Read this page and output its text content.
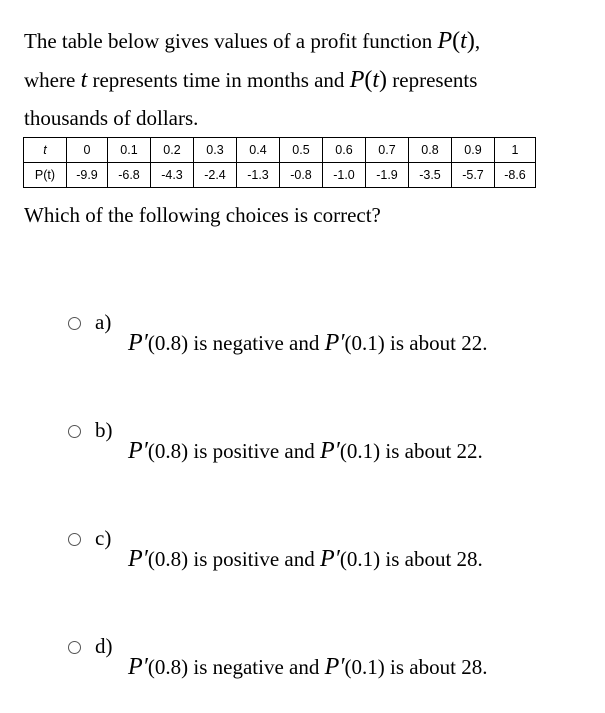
The table below gives values of a profit function P(t),
where t represents time in months and P(t) represents
thousands of dollars.
t	0	0.1	0.2	0.3	0.4	0.5	0.6	0.7	0.8	0.9	1
P(t)	-9.9	-6.8	-4.3	-2.4	-1.3	-0.8	-1.0	-1.9	-3.5	-5.7	-8.6
Which of the following choices is correct?
a)
P′(0.8) is negative and P′(0.1) is about 22.
b)
P′(0.8) is positive and P′(0.1) is about 22.
c)
P′(0.8) is positive and P′(0.1) is about 28.
d)
P′(0.8) is negative and P′(0.1) is about 28.
